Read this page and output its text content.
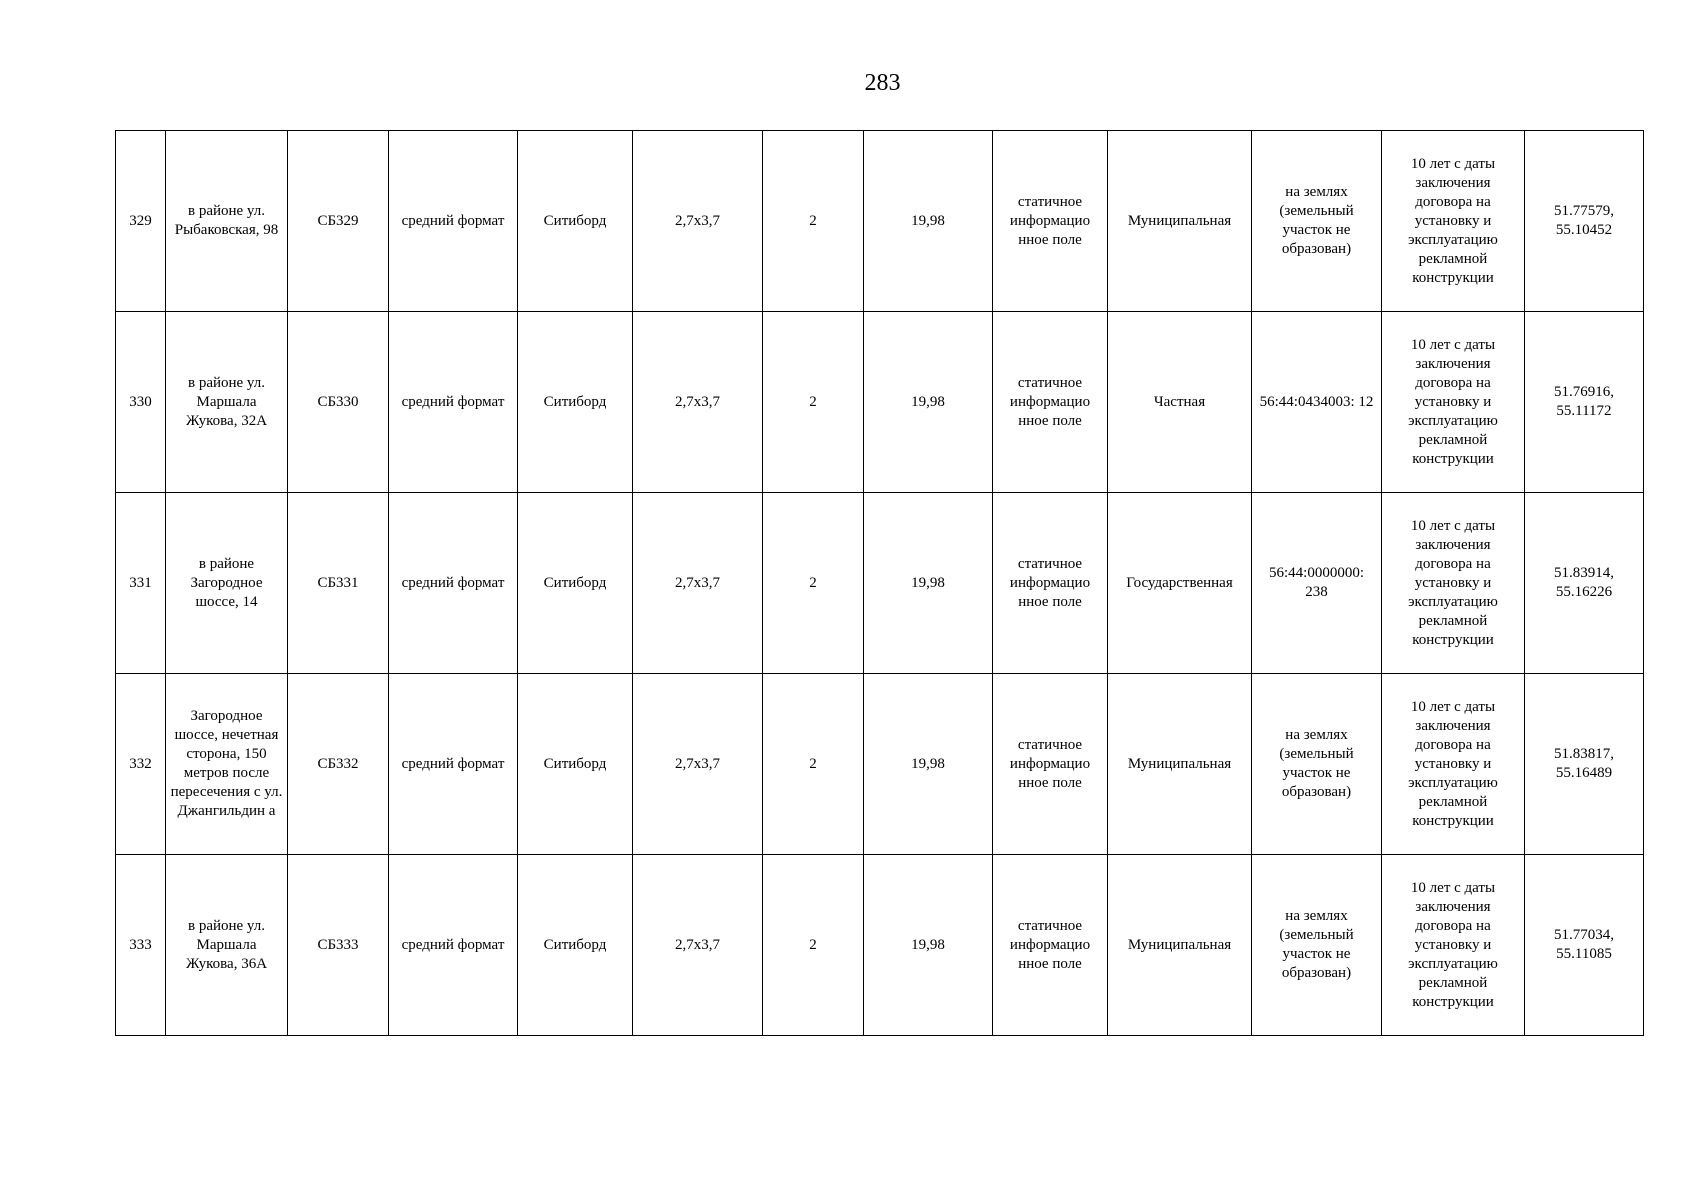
283
329	в районе ул. Рыбаковская, 98	СБ329	средний формат	Ситиборд	2,7х3,7	2	19,98	статичное информацио нное поле	Муниципальная	на землях (земельный участок не образован)	10 лет с даты заключения договора на установку и эксплуатацию рекламной конструкции	51.77579, 55.10452
330	в районе ул. Маршала Жукова, 32А	СБ330	средний формат	Ситиборд	2,7х3,7	2	19,98	статичное информацио нное поле	Частная	56:44:0434003: 12	10 лет с даты заключения договора на установку и эксплуатацию рекламной конструкции	51.76916, 55.11172
331	в районе Загородное шоссе, 14	СБ331	средний формат	Ситиборд	2,7х3,7	2	19,98	статичное информацио нное поле	Государственная	56:44:0000000: 238	10 лет с даты заключения договора на установку и эксплуатацию рекламной конструкции	51.83914, 55.16226
332	Загородное шоссе, нечетная сторона, 150 метров после пересечения с ул. Джангильдин а	СБ332	средний формат	Ситиборд	2,7х3,7	2	19,98	статичное информацио нное поле	Муниципальная	на землях (земельный участок не образован)	10 лет с даты заключения договора на установку и эксплуатацию рекламной конструкции	51.83817, 55.16489
333	в районе ул. Маршала Жукова, 36А	СБ333	средний формат	Ситиборд	2,7х3,7	2	19,98	статичное информацио нное поле	Муниципальная	на землях (земельный участок не образован)	10 лет с даты заключения договора на установку и эксплуатацию рекламной конструкции	51.77034, 55.11085
